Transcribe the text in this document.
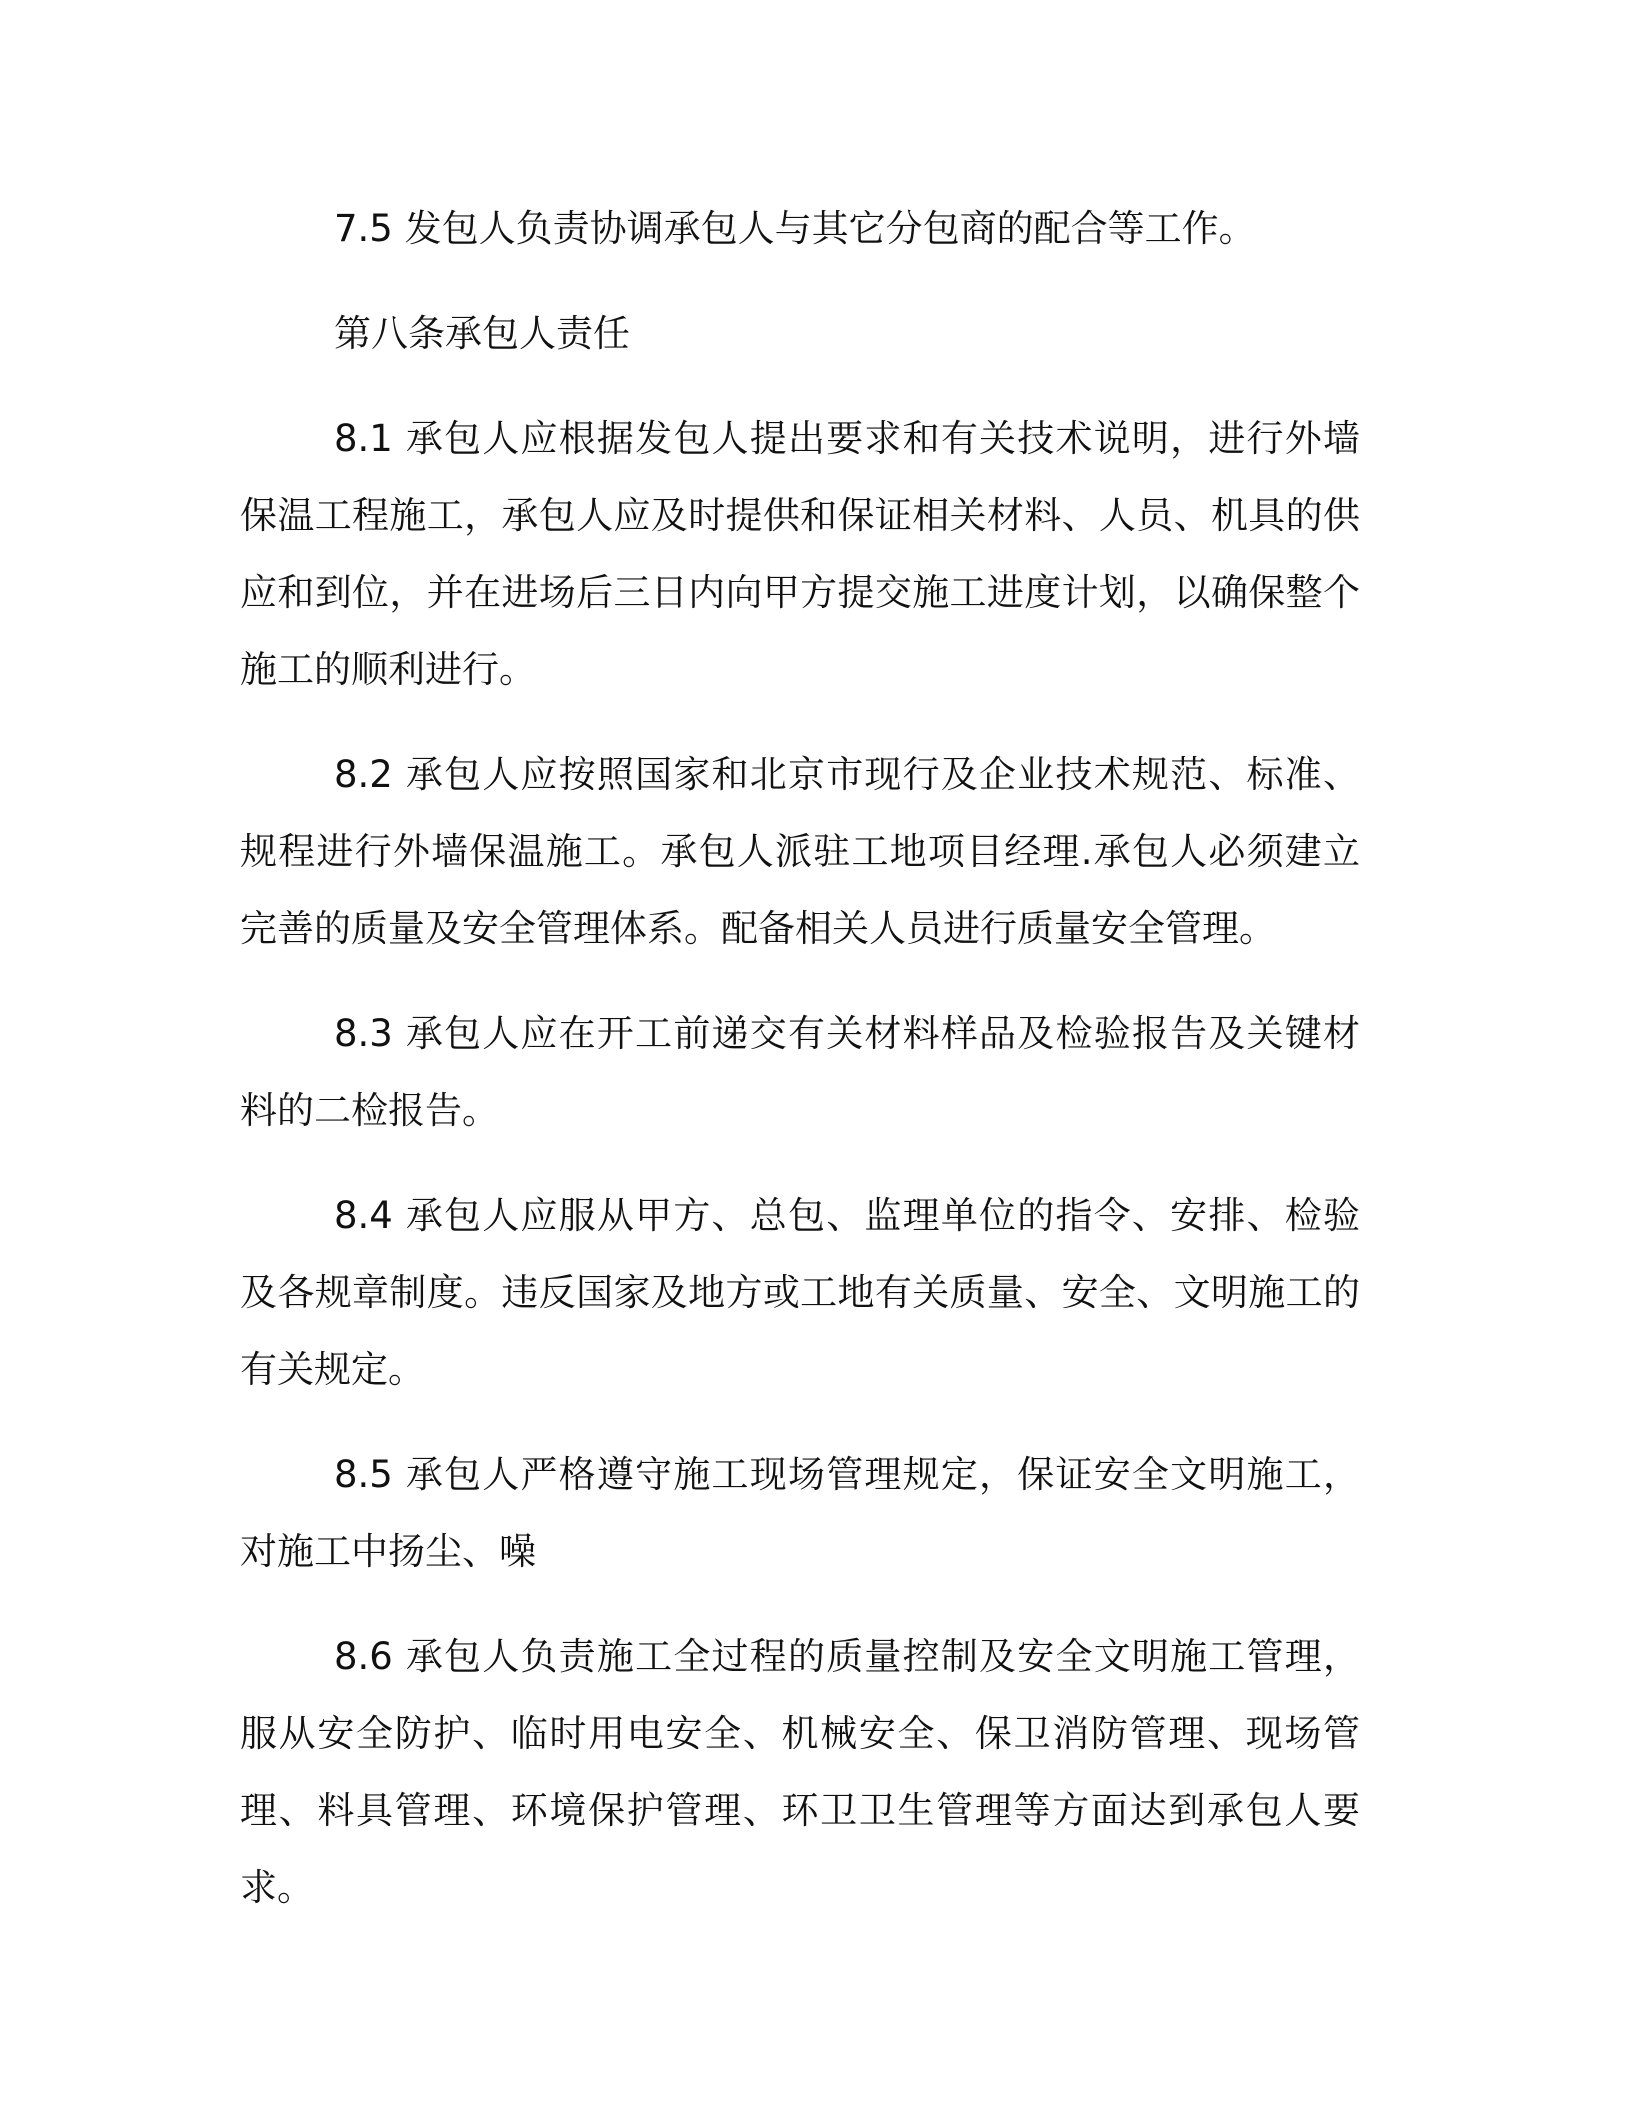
7.5 发包人负责协调承包人与其它分包商的配合等工作。

第八条承包人责任

8.1 承包人应根据发包人提出要求和有关技术说明，进行外墙保温工程施工，承包人应及时提供和保证相关材料、人员、机具的供应和到位，并在进场后三日内向甲方提交施工进度计划，以确保整个施工的顺利进行。

8.2 承包人应按照国家和北京市现行及企业技术规范、标准、规程进行外墙保温施工。承包人派驻工地项目经理.承包人必须建立完善的质量及安全管理体系。配备相关人员进行质量安全管理。

8.3 承包人应在开工前递交有关材料样品及检验报告及关键材料的二检报告。

8.4 承包人应服从甲方、总包、监理单位的指令、安排、检验及各规章制度。违反国家及地方或工地有关质量、安全、文明施工的有关规定。

8.5 承包人严格遵守施工现场管理规定，保证安全文明施工，对施工中扬尘、噪

8.6 承包人负责施工全过程的质量控制及安全文明施工管理，服从安全防护、临时用电安全、机械安全、保卫消防管理、现场管理、料具管理、环境保护管理、环卫卫生管理等方面达到承包人要求。
